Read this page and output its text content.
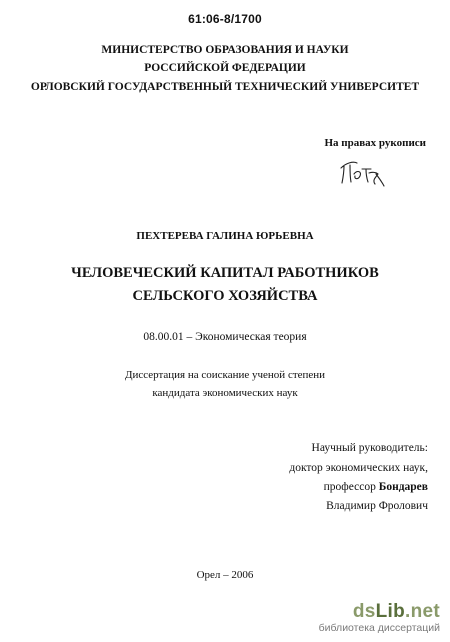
61:06-8/1700
МИНИСТЕРСТВО ОБРАЗОВАНИЯ И НАУКИ
РОССИЙСКОЙ ФЕДЕРАЦИИ
ОРЛОВСКИЙ ГОСУДАРСТВЕННЫЙ ТЕХНИЧЕСКИЙ УНИВЕРСИТЕТ
На правах рукописи
ПЕХТЕРЕВА ГАЛИНА ЮРЬЕВНА
ЧЕЛОВЕЧЕСКИЙ КАПИТАЛ РАБОТНИКОВ
СЕЛЬСКОГО ХОЗЯЙСТВА
08.00.01 – Экономическая теория
Диссертация на соискание ученой степени
кандидата экономических наук
Научный руководитель:
доктор экономических наук,
профессор Бондарев
Владимир Фролович
Орел – 2006
dsLib.net
библиотека диссертаций
